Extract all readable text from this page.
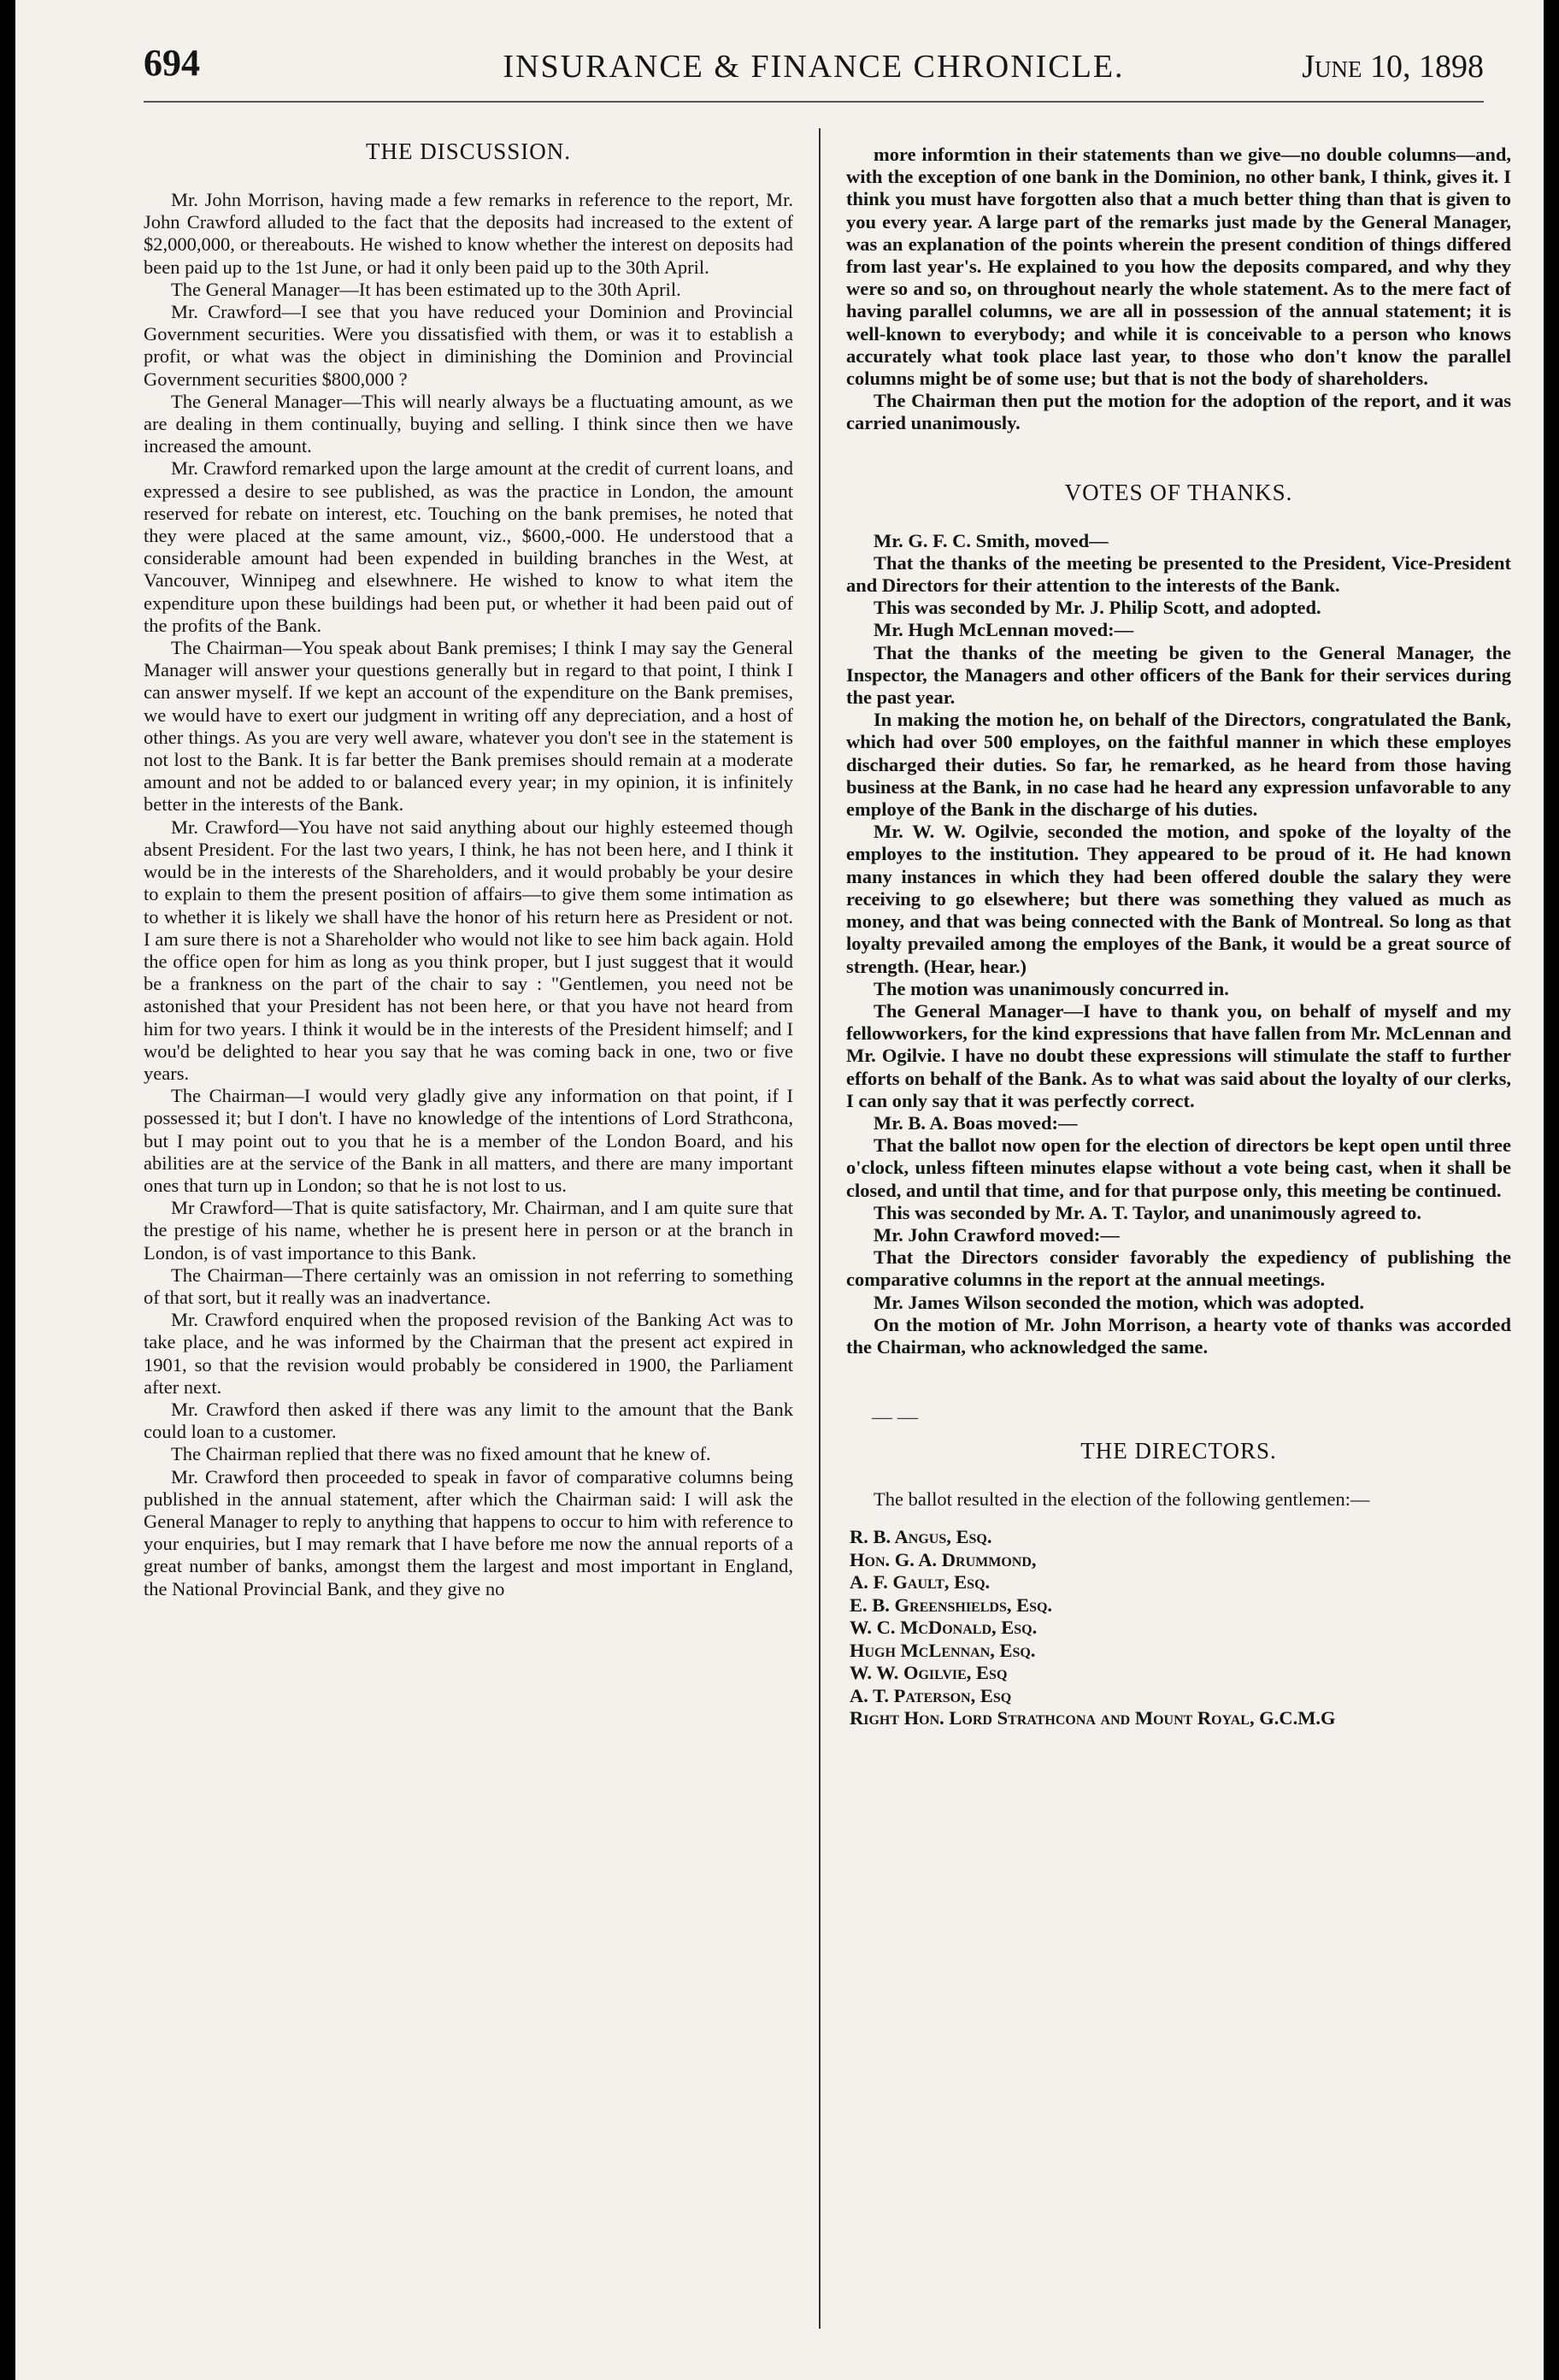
694	INSURANCE & FINANCE CHRONICLE.	June 10, 1898
THE DISCUSSION.

Mr. John Morrison, having made a few remarks in reference to the report, Mr. John Crawford alluded to the fact that the deposits had increased to the extent of $2,000,000, or thereabouts. He wished to know whether the interest on deposits had been paid up to the 1st June, or had it only been paid up to the 30th April.

The General Manager—It has been estimated up to the 30th April.

Mr. Crawford—I see that you have reduced your Dominion and Provincial Government securities. Were you dissatisfied with them, or was it to establish a profit, or what was the object in diminishing the Dominion and Provincial Government securities $800,000 ?

The General Manager—This will nearly always be a fluctuating amount, as we are dealing in them continually, buying and selling. I think since then we have increased the amount.

Mr. Crawford remarked upon the large amount at the credit of current loans, and expressed a desire to see published, as was the practice in London, the amount reserved for rebate on interest, etc. Touching on the bank premises, he noted that they were placed at the same amount, viz., $600,-000. He understood that a considerable amount had been expended in building branches in the West, at Vancouver, Winnipeg and elsewhnere. He wished to know to what item the expenditure upon these buildings had been put, or whether it had been paid out of the profits of the Bank.

The Chairman—You speak about Bank premises; I think I may say the General Manager will answer your questions generally but in regard to that point, I think I can answer myself. If we kept an account of the expenditure on the Bank premises, we would have to exert our judgment in writing off any depreciation, and a host of other things. As you are very well aware, whatever you don't see in the statement is not lost to the Bank. It is far better the Bank premises should remain at a moderate amount and not be added to or balanced every year; in my opinion, it is infinitely better in the interests of the Bank.

Mr. Crawford—You have not said anything about our highly esteemed though absent President. For the last two years, I think, he has not been here, and I think it would be in the interests of the Shareholders, and it would probably be your desire to explain to them the present position of affairs—to give them some intimation as to whether it is likely we shall have the honor of his return here as President or not. I am sure there is not a Shareholder who would not like to see him back again. Hold the office open for him as long as you think proper, but I just suggest that it would be a frankness on the part of the chair to say : "Gentlemen, you need not be astonished that your President has not been here, or that you have not heard from him for two years. I think it would be in the interests of the President himself; and I wou'd be delighted to hear you say that he was coming back in one, two or five years.

The Chairman—I would very gladly give any information on that point, if I possessed it; but I don't. I have no knowledge of the intentions of Lord Strathcona, but I may point out to you that he is a member of the London Board, and his abilities are at the service of the Bank in all matters, and there are many important ones that turn up in London; so that he is not lost to us.

Mr Crawford—That is quite satisfactory, Mr. Chairman, and I am quite sure that the prestige of his name, whether he is present here in person or at the branch in London, is of vast importance to this Bank.

The Chairman—There certainly was an omission in not referring to something of that sort, but it really was an inadvertance.

Mr. Crawford enquired when the proposed revision of the Banking Act was to take place, and he was informed by the Chairman that the present act expired in 1901, so that the revision would probably be considered in 1900, the Parliament after next.

Mr. Crawford then asked if there was any limit to the amount that the Bank could loan to a customer.

The Chairman replied that there was no fixed amount that he knew of.

Mr. Crawford then proceeded to speak in favor of comparative columns being published in the annual statement, after which the Chairman said: I will ask the General Manager to reply to anything that happens to occur to him with reference to your enquiries, but I may remark that I have before me now the annual reports of a great number of banks, amongst them the largest and most important in England, the National Provincial Bank, and they give no

more informtion in their statements than we give—no double columns—and, with the exception of one bank in the Dominion, no other bank, I think, gives it. I think you must have forgotten also that a much better thing than that is given to you every year. A large part of the remarks just made by the General Manager, was an explanation of the points wherein the present condition of things differed from last year's. He explained to you how the deposits compared, and why they were so and so, on throughout nearly the whole statement. As to the mere fact of having parallel columns, we are all in possession of the annual statement; it is well-known to everybody; and while it is conceivable to a person who knows accurately what took place last year, to those who don't know the parallel columns might be of some use; but that is not the body of shareholders.

The Chairman then put the motion for the adoption of the report, and it was carried unanimously.

VOTES OF THANKS.

Mr. G. F. C. Smith, moved—

That the thanks of the meeting be presented to the President, Vice-President and Directors for their attention to the interests of the Bank.

This was seconded by Mr. J. Philip Scott, and adopted.

Mr. Hugh McLennan moved:—

That the thanks of the meeting be given to the General Manager, the Inspector, the Managers and other officers of the Bank for their services during the past year.

In making the motion he, on behalf of the Directors, congratulated the Bank, which had over 500 employes, on the faithful manner in which these employes discharged their duties. So far, he remarked, as he heard from those having business at the Bank, in no case had he heard any expression unfavorable to any employe of the Bank in the discharge of his duties.

Mr. W. W. Ogilvie, seconded the motion, and spoke of the loyalty of the employes to the institution. They appeared to be proud of it. He had known many instances in which they had been offered double the salary they were receiving to go elsewhere; but there was something they valued as much as money, and that was being connected with the Bank of Montreal. So long as that loyalty prevailed among the employes of the Bank, it would be a great source of strength. (Hear, hear.)

The motion was unanimously concurred in.

The General Manager—I have to thank you, on behalf of myself and my fellowworkers, for the kind expressions that have fallen from Mr. McLennan and Mr. Ogilvie. I have no doubt these expressions will stimulate the staff to further efforts on behalf of the Bank. As to what was said about the loyalty of our clerks, I can only say that it was perfectly correct.

Mr. B. A. Boas moved:—

That the ballot now open for the election of directors be kept open until three o'clock, unless fifteen minutes elapse without a vote being cast, when it shall be closed, and until that time, and for that purpose only, this meeting be continued.

This was seconded by Mr. A. T. Taylor, and unanimously agreed to.

Mr. John Crawford moved:—

That the Directors consider favorably the expediency of publishing the comparative columns in the report at the annual meetings.

Mr. James Wilson seconded the motion, which was adopted.

On the motion of Mr. John Morrison, a hearty vote of thanks was accorded the Chairman, who acknowledged the same.

— —
THE DIRECTORS.

The ballot resulted in the election of the following gentlemen:—

R. B. Angus, Esq.
Hon. G. A. Drummond,
A. F. Gault, Esq.
E. B. Greenshields, Esq.
W. C. McDonald, Esq.
Hugh McLennan, Esq.
W. W. Ogilvie, Esq
A. T. Paterson, Esq
Right Hon. Lord Strathcona and Mount Royal, G.C.M.G
